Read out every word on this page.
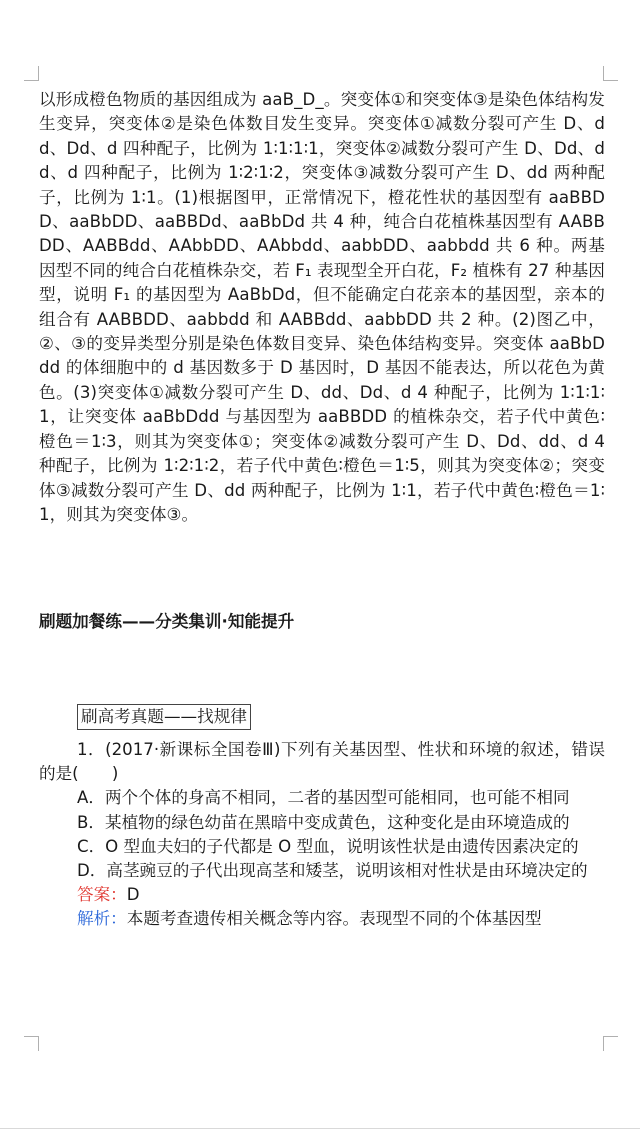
以形成橙色物质的基因组成为 aaB_D_。突变体①和突变体③是染色体结构发生变异，突变体②是染色体数目发生变异。突变体①减数分裂可产生 D、dd、Dd、d 四种配子，比例为 1∶1∶1∶1，突变体②减数分裂可产生 D、Dd、dd、d 四种配子，比例为 1∶2∶1∶2，突变体③减数分裂可产生 D、dd 两种配子，比例为 1∶1。(1)根据图甲，正常情况下，橙花性状的基因型有 aaBBDD、aaBbDD、aaBBDd、aaBbDd 共 4 种，纯合白花植株基因型有 AABBDD、AABBdd、AAbbDD、AAbbdd、aabbDD、aabbdd 共 6 种。两基因型不同的纯合白花植株杂交，若 F₁ 表现型全开白花，F₂ 植株有 27 种基因型，说明 F₁ 的基因型为 AaBbDd，但不能确定白花亲本的基因型，亲本的组合有 AABBDD、aabbdd 和 AABBdd、aabbDD 共 2 种。(2)图乙中，②、③的变异类型分别是染色体数目变异、染色体结构变异。突变体 aaBbDdd 的体细胞中的 d 基因数多于 D 基因时，D 基因不能表达，所以花色为黄色。(3)突变体①减数分裂可产生 D、dd、Dd、d 4 种配子，比例为 1∶1∶1∶1，让突变体 aaBbDdd 与基因型为 aaBBDD 的植株杂交，若子代中黄色∶橙色＝1∶3，则其为突变体①；突变体②减数分裂可产生 D、Dd、dd、d 4 种配子，比例为 1∶2∶1∶2，若子代中黄色∶橙色＝1∶5，则其为突变体②；突变体③减数分裂可产生 D、dd 两种配子，比例为 1∶1，若子代中黄色∶橙色＝1∶1，则其为突变体③。

刷题加餐练——分类集训·知能提升
刷高考真题——找规律

1．(2017·新课标全国卷Ⅲ)下列有关基因型、性状和环境的叙述，错误的是(　　)

A．两个个体的身高不相同，二者的基因型可能相同，也可能不相同

B．某植物的绿色幼苗在黑暗中变成黄色，这种变化是由环境造成的

C．O 型血夫妇的子代都是 O 型血，说明该性状是由遗传因素决定的

D．高茎豌豆的子代出现高茎和矮茎，说明该相对性状是由环境决定的

答案：D

解析：本题考查遗传相关概念等内容。表现型不同的个体基因型
